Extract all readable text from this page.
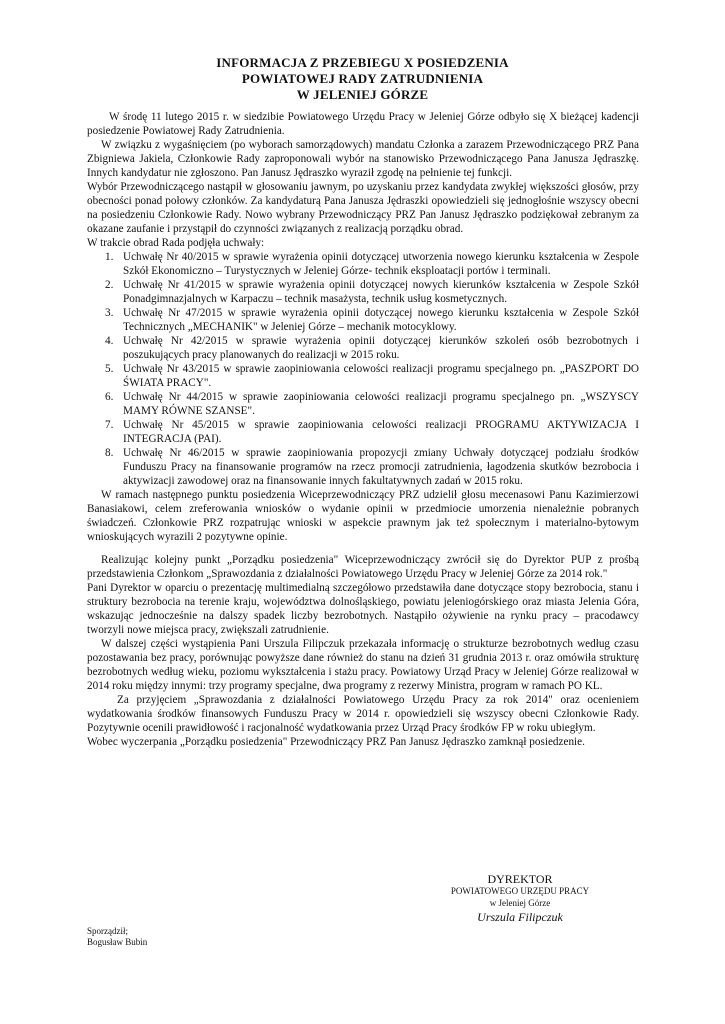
INFORMACJA Z PRZEBIEGU X POSIEDZENIA
POWIATOWEJ RADY ZATRUDNIENIA
W JELENIEJ GÓRZE

W środę 11 lutego 2015 r. w siedzibie Powiatowego Urzędu Pracy w Jeleniej Górze odbyło się X bieżącej kadencji posiedzenie Powiatowej Rady Zatrudnienia.

W związku z wygaśnięciem (po wyborach samorządowych) mandatu Członka a zarazem Przewodniczącego PRZ Pana Zbigniewa Jakiela, Członkowie Rady zaproponowali wybór na stanowisko Przewodniczącego Pana Janusza Jędraszkę. Innych kandydatur nie zgłoszono. Pan Janusz Jędraszko wyraził zgodę na pełnienie tej funkcji.

Wybór Przewodniczącego nastąpił w głosowaniu jawnym, po uzyskaniu przez kandydata zwykłej większości głosów, przy obecności ponad połowy członków. Za kandydaturą Pana Janusza Jędraszki opowiedzieli się jednogłośnie wszyscy obecni na posiedzeniu Członkowie Rady. Nowo wybrany Przewodniczący PRZ Pan Janusz Jędraszko podziękował zebranym za okazane zaufanie i przystąpił do czynności związanych z realizacją porządku obrad.

W trakcie obrad Rada podjęła uchwały:

1. Uchwałę Nr 40/2015 w sprawie wyrażenia opinii dotyczącej utworzenia nowego kierunku kształcenia w Zespole Szkół Ekonomiczno – Turystycznych w Jeleniej Górze- technik eksploatacji portów i terminali.
2. Uchwałę Nr 41/2015 w sprawie wyrażenia opinii dotyczącej nowych kierunków kształcenia w Zespole Szkół Ponadgimnazjalnych w Karpaczu – technik masażysta, technik usług kosmetycznych.
3. Uchwałę Nr 47/2015 w sprawie wyrażenia opinii dotyczącej nowego kierunku kształcenia w Zespole Szkół Technicznych „MECHANIK" w Jeleniej Górze – mechanik motocyklowy.
4. Uchwałę Nr 42/2015 w sprawie wyrażenia opinii dotyczącej kierunków szkoleń osób bezrobotnych i poszukujących pracy planowanych do realizacji w 2015 roku.
5. Uchwałę Nr 43/2015 w sprawie zaopiniowania celowości realizacji programu specjalnego pn. „PASZPORT DO ŚWIATA PRACY".
6. Uchwałę Nr 44/2015 w sprawie zaopiniowania celowości realizacji programu specjalnego pn. „WSZYSCY MAMY RÓWNE SZANSE".
7. Uchwałę Nr 45/2015 w sprawie zaopiniowania celowości realizacji PROGRAMU AKTYWIZACJA I INTEGRACJA (PAI).
8. Uchwałę Nr 46/2015 w sprawie zaopiniowania propozycji zmiany Uchwały dotyczącej podziału środków Funduszu Pracy na finansowanie programów na rzecz promocji zatrudnienia, łagodzenia skutków bezrobocia i aktywizacji zawodowej oraz na finansowanie innych fakultatywnych zadań w 2015 roku.

W ramach następnego punktu posiedzenia Wiceprzewodniczący PRZ udzielił głosu mecenasowi Panu Kazimierzowi Banasiakowi, celem zreferowania wniosków o wydanie opinii w przedmiocie umorzenia nienależnie pobranych świadczeń. Członkowie PRZ rozpatrując wnioski w aspekcie prawnym jak też społecznym i materialno-bytowym wnioskujących wyrazili 2 pozytywne opinie.

Realizując kolejny punkt „Porządku posiedzenia" Wiceprzewodniczący zwrócił się do Dyrektor PUP z prośbą przedstawienia Członkom „Sprawozdania z działalności Powiatowego Urzędu Pracy w Jeleniej Górze za 2014 rok."

Pani Dyrektor w oparciu o prezentację multimedialną szczegółowo przedstawiła dane dotyczące stopy bezrobocia, stanu i struktury bezrobocia na terenie kraju, województwa dolnośląskiego, powiatu jeleniogórskiego oraz miasta Jelenia Góra, wskazując jednocześnie na dalszy spadek liczby bezrobotnych. Nastąpiło ożywienie na rynku pracy – pracodawcy tworzyli nowe miejsca pracy, zwiększali zatrudnienie.

W dalszej części wystąpienia Pani Urszula Filipczuk przekazała informację o strukturze bezrobotnych według czasu pozostawania bez pracy, porównując powyższe dane również do stanu na dzień 31 grudnia 2013 r. oraz omówiła strukturę bezrobotnych według wieku, poziomu wykształcenia i stażu pracy. Powiatowy Urząd Pracy w Jeleniej Górze realizował w 2014 roku między innymi: trzy programy specjalne, dwa programy z rezerwy Ministra, program w ramach PO KL.

Za przyjęciem „Sprawozdania z działalności Powiatowego Urzędu Pracy za rok 2014" oraz ocenieniem wydatkowania środków finansowych Funduszu Pracy w 2014 r. opowiedzieli się wszyscy obecni Członkowie Rady. Pozytywnie ocenili prawidłowość i racjonalność wydatkowania przez Urząd Pracy środków FP w roku ubiegłym.

Wobec wyczerpania „Porządku posiedzenia" Przewodniczący PRZ Pan Janusz Jędraszko zamknął posiedzenie.

DYREKTOR
POWIATOWEGO URZĘDU PRACY
w Jeleniej Górze
Urszula Filipczuk
Sporządził;
Bogusław Bubin
